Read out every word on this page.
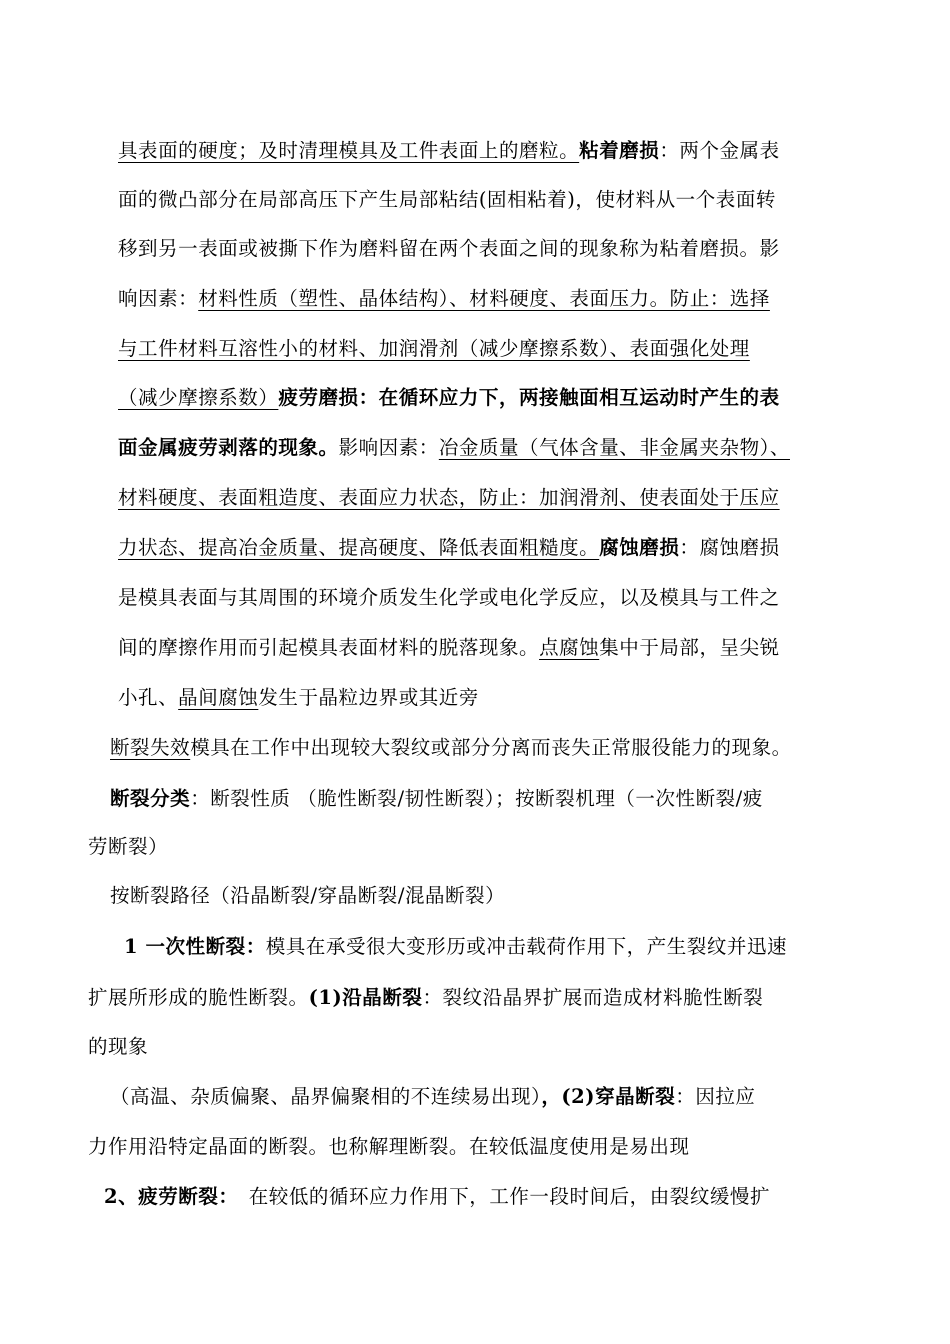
具表面的硬度；及时清理模具及工件表面上的磨粒。粘着磨损：两个金属表
面的微凸部分在局部高压下产生局部粘结(固相粘着)，使材料从一个表面转
移到另一表面或被撕下作为磨料留在两个表面之间的现象称为粘着磨损。影
响因素：材料性质（塑性、晶体结构）、材料硬度、表面压力。防止：选择
与工件材料互溶性小的材料、加润滑剂（减少摩擦系数）、表面强化处理
（减少摩擦系数）疲劳磨损：在循环应力下，两接触面相互运动时产生的表
面金属疲劳剥落的现象。影响因素：冶金质量（气体含量、非金属夹杂物）、
材料硬度、表面粗造度、表面应力状态，防止：加润滑剂、使表面处于压应
力状态、提高冶金质量、提高硬度、降低表面粗糙度。腐蚀磨损：腐蚀磨损
是模具表面与其周围的环境介质发生化学或电化学反应，以及模具与工件之
间的摩擦作用而引起模具表面材料的脱落现象。点腐蚀集中于局部，呈尖锐
小孔、晶间腐蚀发生于晶粒边界或其近旁
断裂失效模具在工作中出现较大裂纹或部分分离而丧失正常服役能力的现象。
断裂分类：断裂性质 （脆性断裂/韧性断裂）；按断裂机理（一次性断裂/疲
劳断裂）
按断裂路径（沿晶断裂/穿晶断裂/混晶断裂）
1 一次性断裂：模具在承受很大变形历或冲击载荷作用下，产生裂纹并迅速
扩展所形成的脆性断裂。(1)沿晶断裂：裂纹沿晶界扩展而造成材料脆性断裂
的现象
（高温、杂质偏聚、晶界偏聚相的不连续易出现），(2)穿晶断裂：因拉应
力作用沿特定晶面的断裂。也称解理断裂。在较低温度使用是易出现
2、疲劳断裂：　在较低的循环应力作用下，工作一段时间后，由裂纹缓慢扩
